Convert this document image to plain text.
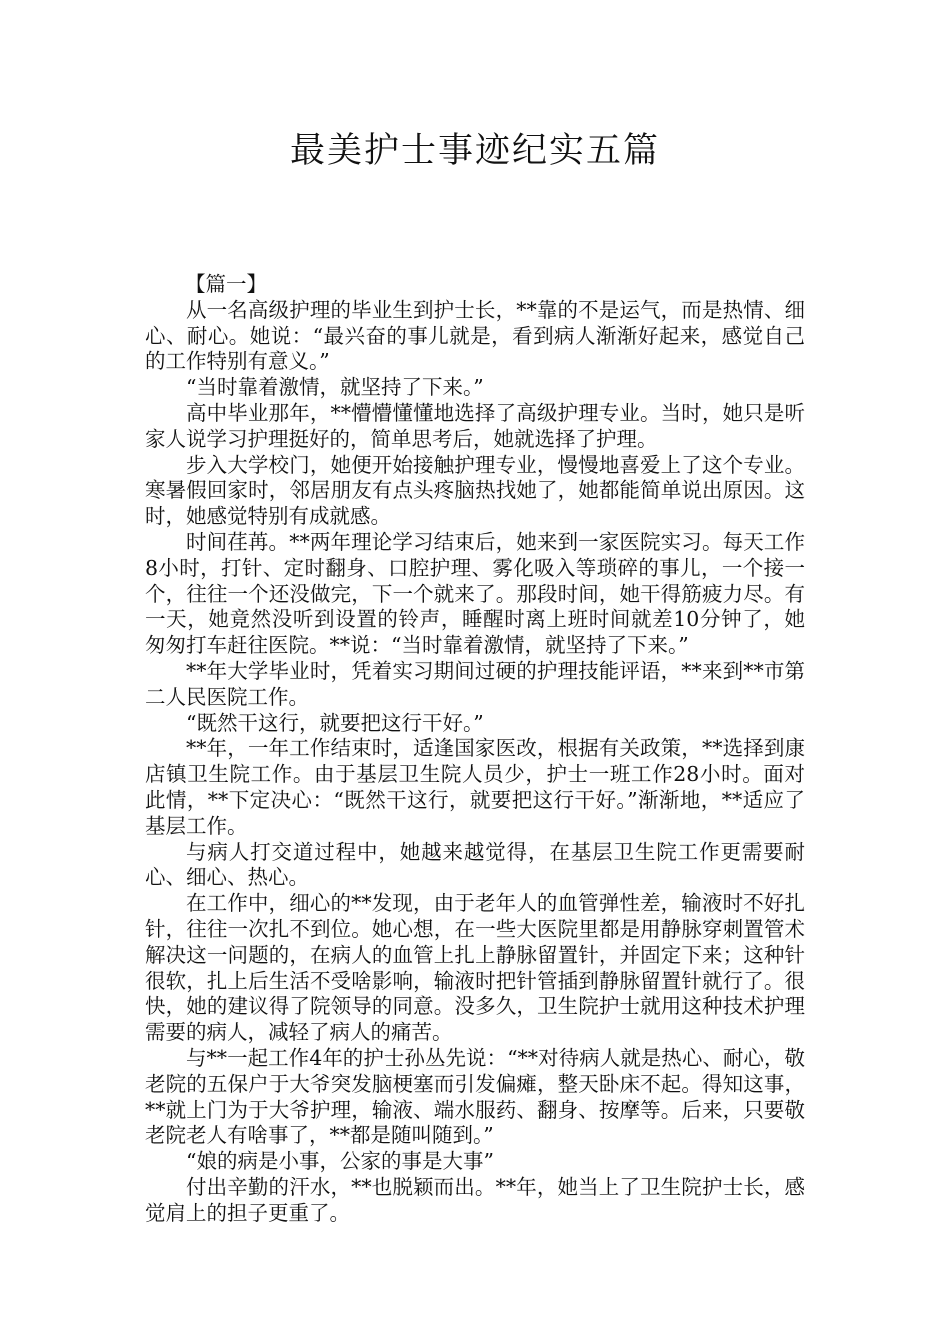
最美护士事迹纪实五篇

【篇一】

从一名高级护理的毕业生到护士长，**靠的不是运气，而是热情、细心、耐心。她说：“最兴奋的事儿就是，看到病人渐渐好起来，感觉自己的工作特别有意义。”

“当时靠着激情，就坚持了下来。”

高中毕业那年，**懵懵懂懂地选择了高级护理专业。当时，她只是听家人说学习护理挺好的，简单思考后，她就选择了护理。

步入大学校门，她便开始接触护理专业，慢慢地喜爱上了这个专业。寒暑假回家时，邻居朋友有点头疼脑热找她了，她都能简单说出原因。这时，她感觉特别有成就感。

时间荏苒。**两年理论学习结束后，她来到一家医院实习。每天工作8小时，打针、定时翻身、口腔护理、雾化吸入等琐碎的事儿，一个接一个，往往一个还没做完，下一个就来了。那段时间，她干得筋疲力尽。有一天，她竟然没听到设置的铃声，睡醒时离上班时间就差10分钟了，她匆匆打车赶往医院。**说：“当时靠着激情，就坚持了下来。”

**年大学毕业时，凭着实习期间过硬的护理技能评语，**来到**市第二人民医院工作。

“既然干这行，就要把这行干好。”

**年，一年工作结束时，适逢国家医改，根据有关政策，**选择到康店镇卫生院工作。由于基层卫生院人员少，护士一班工作28小时。面对此情，**下定决心：“既然干这行，就要把这行干好。”渐渐地，**适应了基层工作。

与病人打交道过程中，她越来越觉得，在基层卫生院工作更需要耐心、细心、热心。

在工作中，细心的**发现，由于老年人的血管弹性差，输液时不好扎针，往往一次扎不到位。她心想，在一些大医院里都是用静脉穿刺置管术解决这一问题的，在病人的血管上扎上静脉留置针，并固定下来；这种针很软，扎上后生活不受啥影响，输液时把针管插到静脉留置针就行了。很快，她的建议得了院领导的同意。没多久，卫生院护士就用这种技术护理需要的病人，减轻了病人的痛苦。

与**一起工作4年的护士孙丛先说：“**对待病人就是热心、耐心，敬老院的五保户于大爷突发脑梗塞而引发偏瘫，整天卧床不起。得知这事，**就上门为于大爷护理，输液、端水服药、翻身、按摩等。后来，只要敬老院老人有啥事了，**都是随叫随到。”

“娘的病是小事，公家的事是大事”

付出辛勤的汗水，**也脱颖而出。**年，她当上了卫生院护士长，感觉肩上的担子更重了。
